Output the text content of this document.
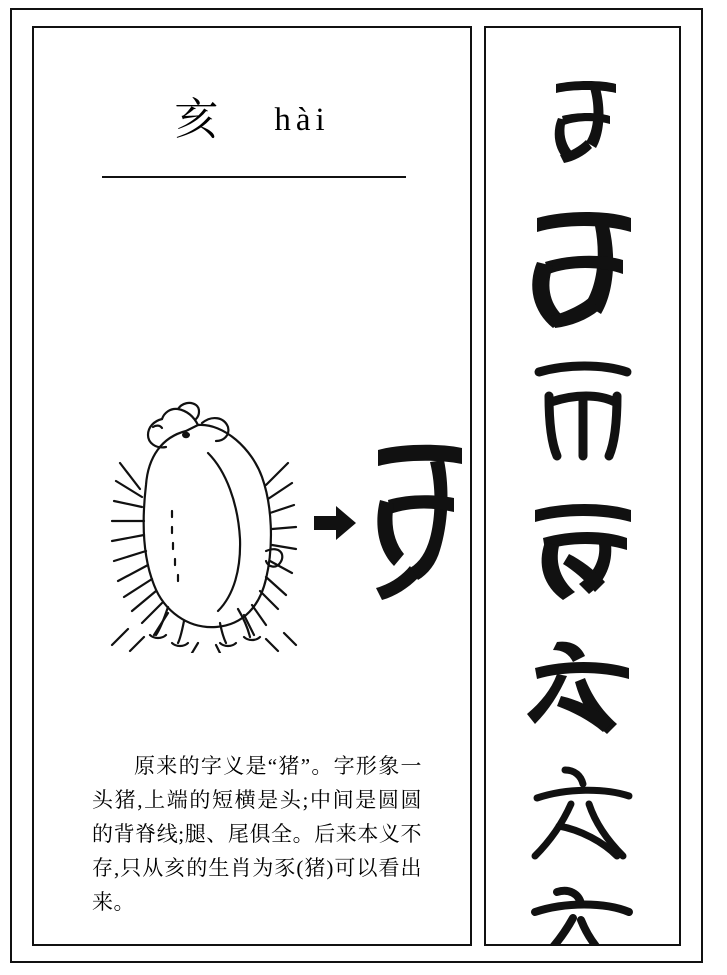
亥 hài

原来的字义是“猪”。字形象一头猪,上端的短横是头;中间是圆圆的背脊线;腿、尾俱全。后来本义不存,只从亥的生肖为豕(猪)可以看出来。
